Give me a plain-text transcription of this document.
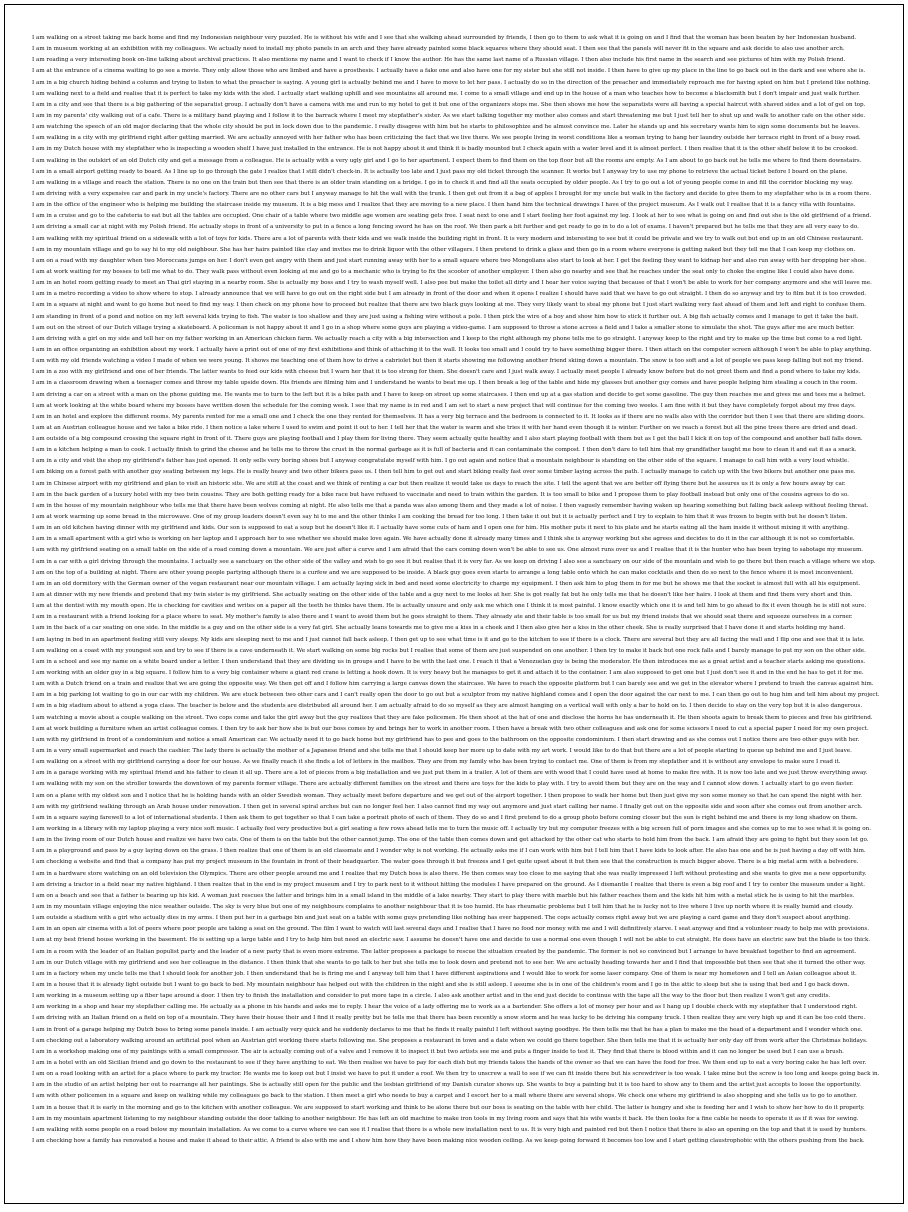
I am walking on a street taking me back home and find my Indonesian neighbour very puzzled. He is without his wife and I see that she walking ahead surrounded by friends, I then go to them to ask what it is going on and I find that the woman has been beaten by her Indonesian husband.
I am in museum working at an exhibition with my colleagues. We actually need to install my photo panels in an arch and they have already painted some black squares where they should seat. I then see that the panels will never fit in the square and ask decide to also use another arch.
I am reading a very interesting book on-line talking about archival practices. It also mentions my name and I want to check if I know the author. He has the same last name of a Russian village. I then also include his first name in the search and see pictures of him with my Polish friend.
I am at the entrance of a cinema waiting to go see a movie. They only allow those who are limbed and have a prosthesis. I actually have a fake one and also have one for my sister but she still not inside. I then have to give up my place in the line to go back out in the dark and see where she is.
I am in a big church hiding behind a column and trying to listen to what the preacher is saying. A young girl is actually behind me and I have to move to let her pass. I actually do so in the direction of the preacher and immediately reproach me for having spied on him but I pretend like nothing.
I am walking next to a field and realise that it is perfect to take my kids with the sled. I actually start walking uphill and see mountains all around me. I come to a small village and end up in the house of a man who teaches how to become a blacksmith but I don't impair and just walk further.
I am in a city and see that there is a big gathering of the separatist group. I actually don't have a camera with me and run to my hotel to get it but one of the organizers stops me. She then shows me how the separatists were all having a special haircut with shaved sides and a lot of gel on top.
I am in my parents' city walking out of a cafe. There is a military band playing and I follow it to the barrack where I meet my stepfather's sister. As we start talking together my mother also comes and start threatening me but I just tell her to shut up and walk to another cafe on the other side.
I am watching the speech of an old major declaring that the whole city should be put in lock down due to the pandemic. I really disagree with him but he starts to philosophize and he almost convince me. Later he stands up and his secretary wants him to sign some documents but he leaves.
I am walking in a city with my girlfriend right after getting married. We are actually annoyed with her father who has been criticizing the fact that we live there. We see people living in worst conditions like a woman trying to hang her laundry outside her terrace right in front of a busy road.
I am in my Dutch house with my stepfather who is inspecting a wooden shelf I have just installed in the entrance. He is not happy about it and think it is badly mounted but I check again with a water level and it is almost perfect. I then realise that it is the other shelf below it to be crooked.
I am walking in the outskirt of an old Dutch city and get a message from a colleague. He is actually with a very ugly girl and I go to her apartment. I expect them to find them on the top floor but all the rooms are empty. As I am about to go back out he tells me where to find them downstairs.
I am in a small airport getting ready to board. As I line up to go through the gate I realize that I still didn't check-in. It is actually too late and I just pass my old ticket through the scanner. It works but I anyway try to use my phone to retrieve the actual ticket before I board on the plane.
I am walking in a village and reach the station. There is no one on the train but then see that there is an older train standing on a bridge. I go in to check it and find all the seats occupied by older people. As I try to go out a lot of young people come in and fill the corridor blocking my way.
I am driving with a very expensive car and park in my uncle's factory. There are no other cars but I anyway manage to hit the wall with the trunk. I then get out from it a bag of apples I brought for my uncle but walk in the factory and decide to give them to my stepfather who is in a room there.
I am in the office of the engineer who is helping me building the staircase inside my museum. It is a big mess and I realize that they are moving to a new place. I then hand him the technical drawings I have of the project museum. As I walk out I realise that it is a fancy villa with fountains.
I am in a cruise and go to the cafeteria to eat but all the tables are occupied. One chair of a table where two middle age women are seating gets free. I seat next to one and I start feeling her foot against my leg. I look at her to see what is going on and find out she is the old girlfriend of a friend.
I am driving a small car at night with my Polish friend. He actually stops in front of a university to put in a fence a long fencing sword he has on the roof. We then park a bit further and get ready to go in to do a lot of exams. I haven't prepared but he tells me that they are all very easy to do.
I am walking with my spiritual friend on a sidewalk with a lot of toys for kids. There are a lot of parents with their kids and we walk inside the building right in front. It is very modern and interesting to see but it could be private and we try to walk out but end up in an old Chinese restaurant.
I am in my mountain village and go to say hi to my old neighbour. She has her hairs painted like clay and invites me to drink liquor with the other villagers. I then pretend to drink a glass and then go in a room where everyone is getting naked but they tell me that I can keep my clothes on.
I am on a road with my daughter when two Moroccans jumps on her. I don't even get angry with them and just start running away with her to a small square where two Mongolians also start to look at her. I get the feeling they want to kidnap her and also run away with her dropping her shoe.
I am at work waiting for my bosses to tell me what to do. They walk pass without even looking at me and go to a mechanic who is trying to fix the scooter of another employer. I then also go nearby and see that he reaches under the seat only to choke the engine like I could also have done.
I am in an hotel room getting ready to meet an Thai girl staying in a nearby room. She is actually my boss and I try to wash myself well. I also pee but make the toilet all dirty and I hear her voice saying that because of that I won't be able to work for her company anymore and she will leave me.
I am in a metro recording a video to show where to stop. I already announce that we will have to go out on the right side but I am already in front of the door and when it opens I realize I should have said that we have to go out straight. I then do so anyway and try to film but it is too crowded.
I am in a square at night and want to go home but need to find my way. I then check on my phone how to proceed but realize that there are two black guys looking at me. They very likely want to steal my phone but I just start walking very fast ahead of them and left and right to confuse them.
I am standing in front of a pond and notice on my left several kids trying to fish. The water is too shallow and they are just using a fishing wire without a pole. I then pick the wire of a boy and show him how to stick it further out. A big fish actually comes and I manage to get it take the bait.
I am out on the street of our Dutch village trying a skateboard. A policeman is not happy about it and I go in a shop where some guys are playing a video-game. I am supposed to throw a stone across a field and I take a smaller stone to simulate the shot. The guys after me are much better.
I am driving with a girl on my side and tell her on my father working in an American chicken farm. We actually reach a city with a big intersection and I keep to the right although my phone tells me to go straight. I anyway keep to the right and try to make up the time but come to a red light.
I am in an office organizing an exhibition about my work. I actually have a print out of one of my first exhibitions and think of attaching it to the wall. It looks too small and I could try to have something bigger there. I then attach on the computer screen although I won't be able to play anything.
I am with my old friends watching a video I made of when we were young. It shows me teaching one of them how to drive a cabriolet but then it starts showing me following another friend skiing down a mountain. The snow is too soft and a lot of people we pass keep falling but not my friend.
I am in a zoo with my girlfriend and one of her friends. The latter wants to feed our kids with cheese but I warn her that it is too strong for them. She doesn't care and I just walk away. I actually meet people I already know before but do not greet them and find a pond where to take my kids.
I am in a classroom drawing when a teenager comes and throw my table upside down. His friends are filming him and I understand he wants to beat me up. I then break a leg of the table and hide my glasses but another guy comes and have people helping him stealing a couch in the room.
I am driving a car on a street with a man on the phone guiding me. He wants me to turn to the left but it is a bike path and I have to keep on street up some staircases. I then end up at a gas station and decide to get some gasoline. The guy then reaches me and gives me and tees me a helmet.
I am at work looking at the white board where my bosses have written down the schedule for the coming week. I see that my name is in red and I am set to start a new project that will continue for the coming two weeks. I am fine with it but they have completely forgot about my free days.
I am in an hotel and explore the different rooms. My parents rented for me a small one and I check the one they rented for themselves. It has a very big terrace and the bedroom is connected to it. It looks as if there are no walls also with the corridor but then I see that there are sliding doors.
I am at an Austrian colleague house and we take a bike ride. I then notice a lake where I used to swim and point it out to her. I tell her that the water is warm and she tries it with her hand even though it is winter. Further on we reach a forest but all the pine trees there are dried and dead.
I am outside of a big compound crossing the square right in front of it. There guys are playing football and I play them for living there. They seem actually quite healthy and I also start playing football with them but as I get the ball I kick it on top of the compound and another ball falls down.
I am in a kitchen helping a man to cook. I actually finish to grind the cheese and he tells me to throw the crust in the normal garbage as it is full of bacteria and it can contaminate the compost. I then don't dare to tell him that my grandfather taught me how to clean it and eat it as a snack.
I am in a city and visit the shop my girlfriend's father has just opened. It only sells very boring shoes but I anyway congratulate myself with him. I go out again and notice that a mountain neighbour is standing on the other side of the square. I manage to call him with a very loud whistle.
I am biking on a forest path with another guy seating between my legs. He is really heavy and two other bikers pass us. I then tell him to get out and start biking really fast over some timber laying across the path. I actually manage to catch up with the two bikers but another one pass me.
I am in Chinese airport with my girlfriend and plan to visit an historic site. We are still at the coast and we think of renting a car but then realize it would take us days to reach the site. I tell the agent that we are better off flying there but he assures us it is only a few hours away by car.
I am in the back garden of a luxury hotel with my two twin cousins. They are both getting ready for a bike race but have refused to vaccinate and need to train within the garden. It is too small to bike and I propose them to play football instead but only one of the cousins agrees to do so.
I am in the house of my mountain neighbour who tells me that there have been wolves coming at night. He also tells me that a panda was also among them and they made a lot of noise. I then vaguely remember having waken up hearing something but falling back asleep without feeling threat.
I am at work warming up some bread in the microwave. One of my group leaders doesn't even say hi to me and the other thinks I am cooking the bread for too long. I then take it out but it is actually perfect and I try to explain to him that it was frozen to begin with but he doesn't listen.
I am in an old kitchen having dinner with my girlfriend and kids. Our son is supposed to eat a soup but he doesn't like it. I actually have some cuts of ham and I open one for him. His mother puts it next to his plate and he starts eating all the ham inside it without mixing it with anything.
I am in a small apartment with a girl who is working on her laptop and I approach her to see whether we should make love again. We have actually done it already many times and I think she is anyway working but she agrees and decides to do it in the car although it is not so comfortable.
I am with my girlfriend seating on a small table on the side of a road coming down a mountain. We are just after a curve and I am afraid that the cars coming down won't be able to see us. One almost runs over us and I realise that it is the hunter who has been trying to sabotage my museum.
I am in a car with a girl driving through the mountains. I actually see a sanctuary on the other side of the valley and wish to go see it but realise that it is very far. As we keep on driving I also see a sanctuary on our side of the mountain and wish to go there but then reach a village where we stop.
I am on the top of a building at night. There are other young people partying although there is a curfew and we are supposed to be inside. A black guy goes even starts to arrange a long table onto which he can make cocktails and then do so next to the fence where it is most inconvenient.
I am in an old dormitory with the German owner of the vegan restaurant near our mountain village. I am actually laying sick in bed and need some electricity to charge my equipment. I then ask him to plug them in for me but he shows me that the socket is almost full with all his equipment.
I am at dinner with my new friends and pretend that my twin sister is my girlfriend. She actually seating on the other side of the table and a guy next to me looks at her. She is got really fat but he only tells me that he doesn't like her hairs. I look at them and find them very short and thin.
I am at the dentist with my mouth open. He is checking for cavities and writes on a paper all the teeth he thinks have them. He is actually unsure and only ask me which one I think it is most painful. I know exactly which one it is and tell him to go ahead to fix it even though he is still not sure.
I am in a restaurant with a friend looking for a place where to seat. My mother's family is also there and I want to avoid them but he goes straight to them. They already ate and their table is too small for us but my friend insists that we should seat there and squeeze ourselves in a corner.
I am in the back of a car seating on one side. In the middle is a guy and on the other side is a very fat girl. She actually leans towards me to give me a kiss in a cheek and I then also give her a kiss in the other cheek. She is really surprised that I have done it and starts holding my hand.
I am laying in bed in an apartment feeling still very sleepy. My kids are sleeping next to me and I just cannot fall back asleep. I then get up to see what time is it and go to the kitchen to see if there is a clock. There are several but they are all facing the wall and I flip one and see that it is late.
I am walking on a coast with my youngest son and try to see if there is a cave underneath it. We start walking on some big rocks but I realise that some of them are just suspended on one another. I then try to make it back but one rock falls and I barely manage to put my son on the other side.
I am in a school and see my name on a white board under a letter. I then understand that they are dividing us in groups and I have to be with the last one. I reach it that a Venezuelan guy is being the moderator. He then introduces me as a great artist and a teacher starts asking me questions.
I am working with an older guy in a big square. I follow him to a very big container where a giant red crane is letting a hook down. It is very heavy but he manages to get it and attach it to the container. I am also supposed to get one but I just don't see it and in the end he has to get it for me.
I am with a Dutch friend on a train and realize that we are going the opposite way. We then get off and I follow him carrying a large canvas down the staircase. We have to reach the opposite platform but I can barely see and we get in the elevator where I pretend to trash the canvas against him.
I am in a big parking lot waiting to go in our car with my children. We are stuck between two other cars and I can't really open the door to go out but a sculptor from my native highland comes and I open the door against the car next to me. I can then go out to hug him and tell him about my project.
I am in a big stadium about to attend a yoga class. The teacher is below and the students are distributed all around her. I am actually afraid to do so myself as they are almost hanging on a vertical wall with only a bar to hold on to. I then decide to stay on the very top but it is also dangerous.
I am watching a movie about a couple walking on the street. Two cops come and take the girl away but the guy realizes that they are fake policemen. He then shoot at the hat of one and disclose the horns he has underneath it. He then shoots again to break them to pieces and free his girlfriend.
I am at work building a furniture when an artist colleague comes. I then try to ask her how she is but our boss comes by and brings her to work in another room. I then have a break with two other colleagues and ask one for some scissors I need to cut a special paper I need for my own project.
I am with my girlfriend in front of a condominium and notice a small American car. We actually need it to go back home but my girlfriend has to pee and goes to the bathroom on the opposite condominium. I then start drawing and as she comes out I notice there are two other guys with her.
I am in a very small supermarket and reach the cashier. The lady there is actually the mother of a Japanese friend and she tells me that I should keep her more up to date with my art work. I would like to do that but there are a lot of people starting to queue up behind me and I just leave.
I am walking on a street with my girlfriend carrying a door for our house. As we finally reach it she finds a lot of letters in the mailbox. They are from my family who has been trying to contact me. One of them is from my stepfather and it is without any envelope to make sure I read it.
I am in a garage working with my spiritual friend and his father to clean it all up. There are a lot of pieces from a big installation and we just put them in a trailer. A lot of them are with wood that I could have used at home to make fire with. It is now too late and we just throw everything away.
I am walking with my son on the stroller towards the downtown of my parents former village. There are actually different families on the street and there are toys for the kids to play with. I try to avoid them but they are on the way and I cannot slow down. I actually start to go even faster.
I am on a plane with my oldest son and I notice that he is holding hands with an older Swedish woman. They actually meet before departure and we get out of the airport together. I then propose to walk her home but then just give my son some money so that he can spend the night with her.
I am with my girlfriend walking through an Arab house under renovation. I then get in several spiral arches but can no longer feel her. I also cannot find my way out anymore and just start calling her name. I finally get out on the opposite side and soon after she comes out from another arch.
I am in a square saying farewell to a lot of international students. I then ask them to get together so that I can take a portrait photo of each of them. They do so and I first pretend to do a group photo before coming closer but the sun is right behind me and there is my long shadow on them.
I am working in a library with my laptop playing a very nice soft music. I actually feel very productive but a girl seating a few rows ahead tells me to turn the music off. I actually try but my computer freezes with a big screen full of porn images and she comes up to me to see what it is going on.
I am in the living room of our Dutch house and realize we have two cats. One of them is on the table but the other cannot jump. The one of the table then comes down and get attacked by the other cat who starts to hold him from the back. I am afraid they are going to fight but they soon let go.
I am in a playground and pass by a guy laying down on the grass. I then realize that one of them is an old classmate and I wonder why is not working. He actually asks me if I can work with him but I tell him that I have kids to look after. He also has one and he is just having a day off with him.
I am checking a website and find that a company has put my project museum in the fountain in front of their headquarter. The water goes through it but freezes and I get quite upset about it but then see that the construction is much bigger above. There is a big metal arm with a belvedere.
I am in a hardware store watching on an old television the Olympics. There are other people around me and I realize that my Dutch boss is also there. He then comes way too close to me saying that she was really impressed I left without protesting and she wants to give me a new opportunity.
I am driving a tractor in a field near my native highland. I then realize that in the end is my project museum and I try to park next to it without hitting the modules I have prepared on the ground. As I dismantle I realize that there is even a big roof and I try to center the museum under a light.
I am on a beach and see that a father is bearing up his kid. A woman just rescues the latter and brings him in a small island in the middle of a lake nearby. They start to play there with marble but his father reaches them and the kids hit him with a metal stick he is using to hit the marbles.
I am in my mountain village enjoying the nice weather outside. The sky is very blue but one of my neighbours complains to another neighbour that it is too humid. He has rheumatic problems but I tell him that he is lucky not to live where I live up north where it is really humid and cloudy.
I am outside a stadium with a girl who actually dies in my arms. I then put her in a garbage bin and just seat on a table with some guys pretending like nothing has ever happened. The cops actually comes right away but we are playing a card game and they don't suspect about anything.
I am in an open air cinema with a lot of peers where poor people are taking a seat on the ground. The film I want to watch will last several days and I realise that I have no food nor money with me and I will definitively starve. I seat anyway and find a volunteer ready to help me with provisions.
I am at my best friend house working in the basement. He is setting up a large table and I try to help him but need an electric saw. I assume he doesn't have one and decide to use a normal one even though I will not be able to cut straight. He does have an electric saw but the blade is too thick.
I am in a room with the leader of an Italian populist party and the leader of a new party that is even more extreme. The latter proposes a package to rescue the situation created by the pandemic. The former is not so convinced but I arrange to have breakfast together to find an agreement.
I am in our Dutch village with my girlfriend and see her colleague in the distance. I then think that she wants to go talk to her but she tells me to look down and pretend not to see her. We are actually heading towards her and I find that impossible but then see that she it turned the other way.
I am in a factory when my uncle tells me that I should look for another job. I then understand that he is firing me and I anyway tell him that I have different aspirations and I would like to work for some laser company. One of them is near my hometown and I tell an Asian colleague about it.
I am in a house that it is already light outside but I want to go back to bed. My mountain neighbour has helped out with the children in the night and she is still asleep. I assume she is in one of the children's room and I go in the attic to sleep but she is using that bed and I go back down.
I am working in a museum setting up a fiber tape around a door. I then try to finish the installation and consider to put more tape in a circle. I also ask another artist and in the end just decide to continue with the tape all the way to the floor but then realize I won't get any credits.
I am working in a shop and hear my stepfather calling me. He actually as a phone in his hands and asks me to reply. I hear the voice of a lady offering me to work as a a bartender. She offers a lot of money per hour and as I hang up I double check with my stepfather that I understood right.
I am driving with an Italian friend on a field on top of a mountain. They have their house their and I find it really pretty but he tells me that there has been recently a snow storm and he was lucky to be driving his company truck. I then realize they are very high up and it can be too cold there.
I am in front of a garage helping my Dutch boss to bring some panels inside. I am actually very quick and he suddenly declares to me that he finds it really painful I left without saying goodbye. He then tells me that he has a plan to make me the head of a department and I wonder which one.
I am checking out a laboratory walking around an artificial pool when an Austrian girl working there starts following me. She proposes a restaurant in town and a date when we could go there together. She then tells me that it is actually her only day off from work after the Christmas holidays.
I am in a workshop making one of my paintings with a small compressor. The air is actually coming out of a valve and I remove it to inspect it but two artists see me and puts a finger inside to test it. They find that there is blood within and it can no longer be used but I can use a brush.
I am in a hotel with an old Sicilian friend and go down to the restaurant to see if they have anything to eat. We then realise we have to pay for each dish but my friends takes the hands of the owner so that we can have the food for free. We then end up to eat a very boring cake he has left over.
I am on a road looking with an artist for a place where to park my tractor. He wants me to keep out but I insist we have to put it under a roof. We then try to unscrew a wall to see if we can fit inside there but his screwdriver is too weak. I take mine but the screw is too long and keeps going back in.
I am in the studio of an artist helping her out to rearrange all her paintings. She is actually still open for the public and the lesbian girlfriend of my Danish curator shows up. She wants to buy a painting but it is too hard to show any to them and the artist just accepts to loose the opportunity.
I am with other policemen in a square and keep on walking while my colleagues go back to the station. I then meet a girl who needs to buy a carpet and I escort her to a mall where there are several shops. We check one where my girlfriend is also shopping and she tells us to go to another.
I am in a house that it is early in the morning and go to the kitchen with another colleague. We are supposed to start working and think to be alone there but our boss is seating on the table with her child. The latter is hungry and she is feeding her and I wish to show her how to do it properly.
I am in my mountain apartment listening to my neighbour standing outside the door talking to another neighbour. He has left an old machine to make iron tools in my living room and says that his wife wants it back. He then looks for a fine cable he needs to operate it as if it was for sewing.
I am walking with some people on a road below my mountain installation. As we come to a curve where we can see it I realise that there is a whole new installation next to us. It is very high and painted red but then I notice that there is also an opening on the top and that it is used by hunters.
I am checking how a family has renovated a house and make it ahead to their attic. A friend is also with me and I show him how they have been making nice wooden ceiling. As we keep going forward it becomes too low and I start getting claustrophobic with the others pushing from the back.
